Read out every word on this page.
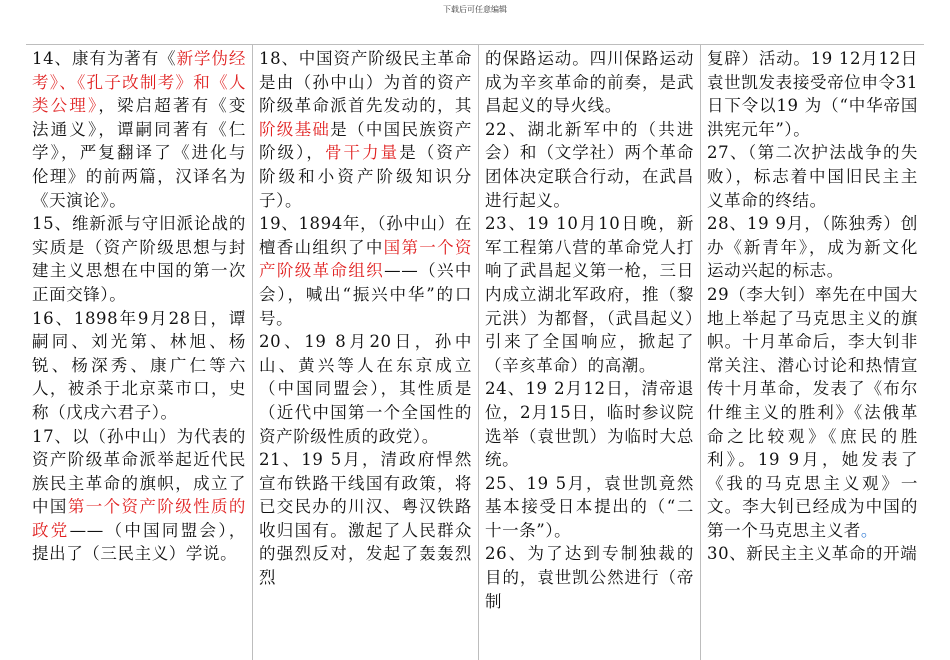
下载后可任意编辑

14、康有为著有《新学伪经考》、《孔子改制考》和《人类公理》，梁启超著有《变法通义》，谭嗣同著有《仁学》，严复翻译了《进化与伦理》的前两篇，汉译名为《天演论》。

15、维新派与守旧派论战的实质是（资产阶级思想与封建主义思想在中国的第一次正面交锋）。

16、1898年9月28日，谭嗣同、刘光第、林旭、杨锐、杨深秀、康广仁等六人，被杀于北京菜市口，史称（戊戌六君子）。

17、以（孙中山）为代表的资产阶级革命派举起近代民族民主革命的旗帜，成立了中国第一个资产阶级性质的政党——（中国同盟会），提出了（三民主义）学说。

18、中国资产阶级民主革命是由（孙中山）为首的资产阶级革命派首先发动的，其阶级基础是（中国民族资产阶级），骨干力量是（资产阶级和小资产阶级知识分子）。

19、1894年，（孙中山）在檀香山组织了中国第一个资产阶级革命组织——（兴中会），喊出“振兴中华”的口号。

20、19 8月20日，孙中山、黄兴等人在东京成立（中国同盟会），其性质是（近代中国第一个全国性的资产阶级性质的政党）。

21、19 5月，清政府悍然宣布铁路干线国有政策，将已交民办的川汉、粤汉铁路收归国有。激起了人民群众的强烈反对，发起了轰轰烈烈

的保路运动。四川保路运动成为辛亥革命的前奏，是武昌起义的导火线。

22、湖北新军中的（共进会）和（文学社）两个革命团体决定联合行动，在武昌进行起义。

23、19 10月10日晚，新军工程第八营的革命党人打响了武昌起义第一枪，三日内成立湖北军政府，推（黎元洪）为都督，（武昌起义）引来了全国响应，掀起了（辛亥革命）的高潮。

24、19 2月12日，清帝退位，2月15日，临时参议院选举（袁世凯）为临时大总统。

25、19 5月，袁世凯竟然基本接受日本提出的（“二十一条”）。

26、为了达到专制独裁的目的，袁世凯公然进行（帝制

复辟）活动。19 12月12日袁世凯发表接受帝位申令31日下令以19 为（“中华帝国洪宪元年”）。

27、（第二次护法战争的失败），标志着中国旧民主主义革命的终结。

28、19 9月，（陈独秀）创办《新青年》，成为新文化运动兴起的标志。

29（李大钊）率先在中国大地上举起了马克思主义的旗帜。十月革命后，李大钊非常关注、潜心讨论和热情宣传十月革命，发表了《布尔什维主义的胜利》《法俄革命之比较观》《庶民的胜利》。19 9月，她发表了《我的马克思主义观》一文。李大钊已经成为中国的第一个马克思主义者。

30、新民主主义革命的开端
